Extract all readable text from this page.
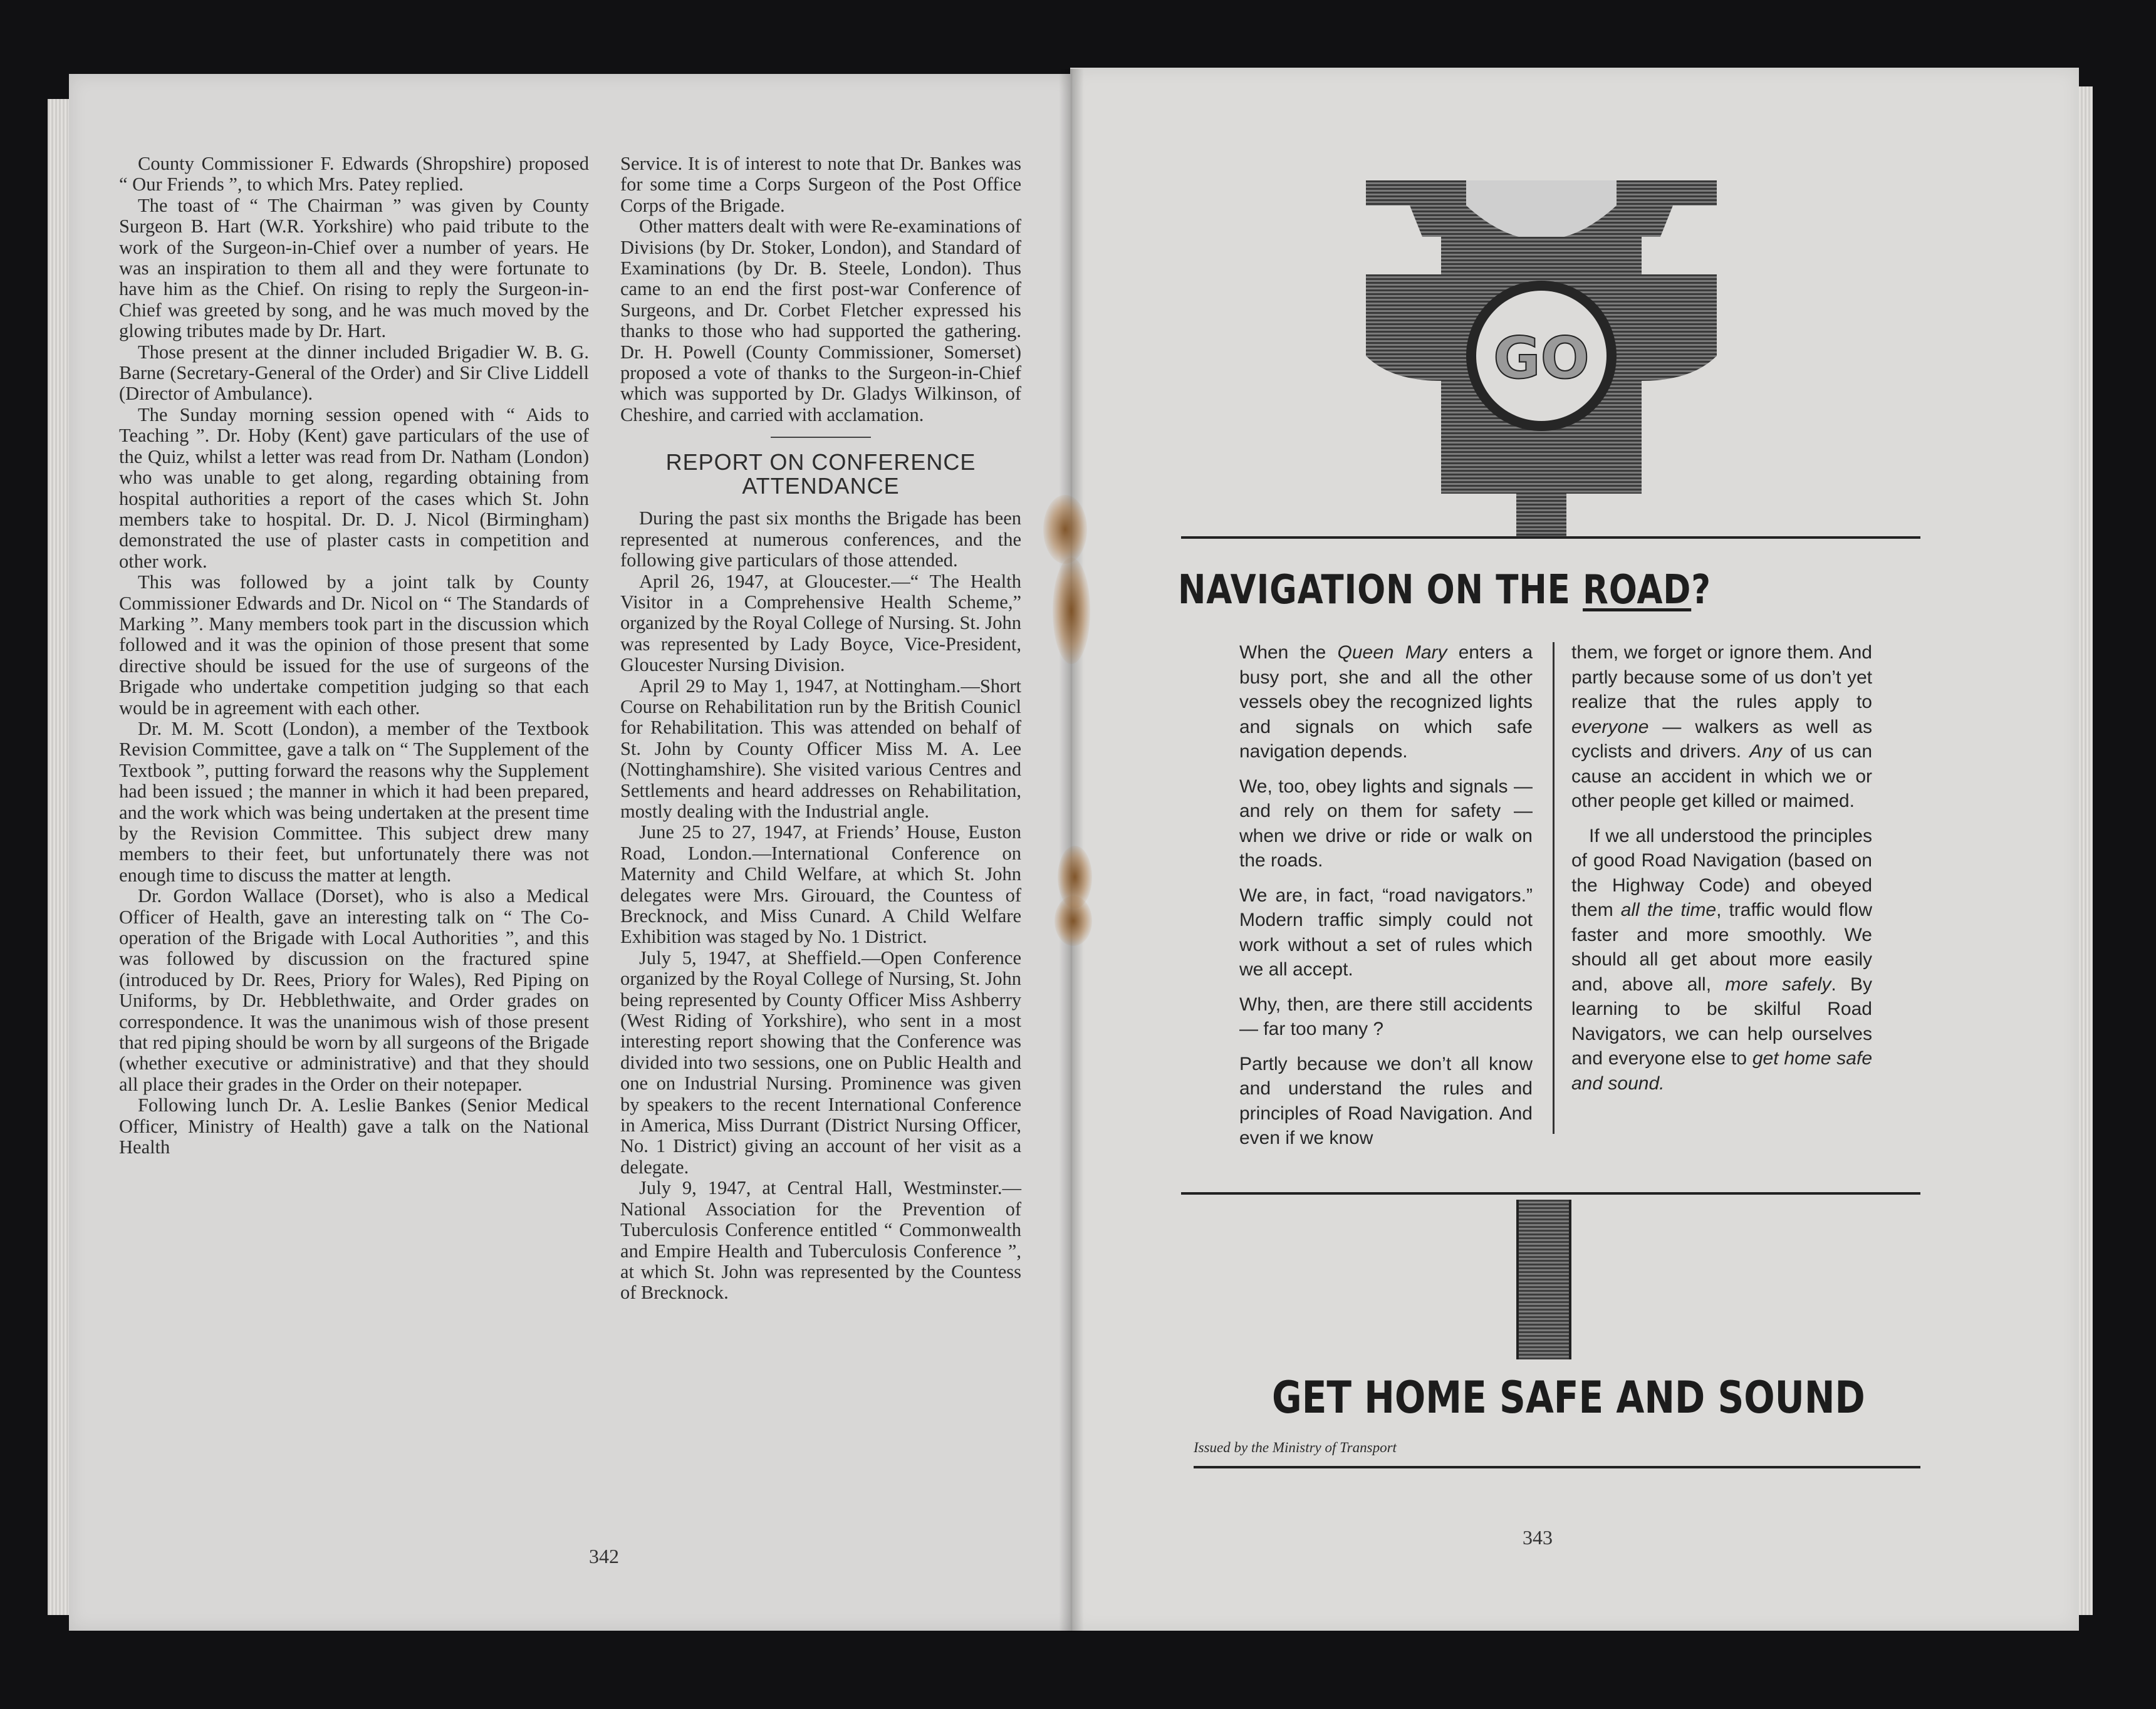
County Commissioner F. Edwards (Shropshire) proposed “ Our Friends ”, to which Mrs. Patey replied.

The toast of “ The Chairman ” was given by County Surgeon B. Hart (W.R. Yorkshire) who paid tribute to the work of the Surgeon-in-Chief over a number of years. He was an inspiration to them all and they were fortunate to have him as the Chief. On rising to reply the Surgeon-in-Chief was greeted by song, and he was much moved by the glowing tributes made by Dr. Hart.

Those present at the dinner included Brigadier W. B. G. Barne (Secretary-General of the Order) and Sir Clive Liddell (Director of Ambulance).

The Sunday morning session opened with “ Aids to Teaching ”. Dr. Hoby (Kent) gave particulars of the use of the Quiz, whilst a letter was read from Dr. Natham (London) who was unable to get along, regarding obtaining from hospital authorities a report of the cases which St. John members take to hospital. Dr. D. J. Nicol (Birmingham) demonstrated the use of plaster casts in competition and other work.

This was followed by a joint talk by County Commissioner Edwards and Dr. Nicol on “ The Standards of Marking ”. Many members took part in the discussion which followed and it was the opinion of those present that some directive should be issued for the use of surgeons of the Brigade who undertake competition judging so that each would be in agreement with each other.

Dr. M. M. Scott (London), a member of the Textbook Revision Committee, gave a talk on “ The Supplement of the Textbook ”, putting forward the reasons why the Supplement had been issued ; the manner in which it had been prepared, and the work which was being undertaken at the present time by the Revision Committee. This subject drew many members to their feet, but unfortunately there was not enough time to discuss the matter at length.

Dr. Gordon Wallace (Dorset), who is also a Medical Officer of Health, gave an interesting talk on “ The Co-operation of the Brigade with Local Authorities ”, and this was followed by discussion on the fractured spine (introduced by Dr. Rees, Priory for Wales), Red Piping on Uniforms, by Dr. Hebblethwaite, and Order grades on correspondence. It was the unanimous wish of those present that red piping should be worn by all surgeons of the Brigade (whether executive or administrative) and that they should all place their grades in the Order on their notepaper.

Following lunch Dr. A. Leslie Bankes (Senior Medical Officer, Ministry of Health) gave a talk on the National Health

Service. It is of interest to note that Dr. Bankes was for some time a Corps Surgeon of the Post Office Corps of the Brigade.

Other matters dealt with were Re-examinations of Divisions (by Dr. Stoker, London), and Standard of Examinations (by Dr. B. Steele, London). Thus came to an end the first post-war Conference of Surgeons, and Dr. Corbet Fletcher expressed his thanks to those who had supported the gathering. Dr. H. Powell (County Commissioner, Somerset) proposed a vote of thanks to the Surgeon-in-Chief which was supported by Dr. Gladys Wilkinson, of Cheshire, and carried with acclamation.

REPORT ON CONFERENCE ATTENDANCE

During the past six months the Brigade has been represented at numerous conferences, and the following give particulars of those attended.

April 26, 1947, at Gloucester.—“ The Health Visitor in a Comprehensive Health Scheme,” organized by the Royal College of Nursing. St. John was represented by Lady Boyce, Vice-President, Gloucester Nursing Division.

April 29 to May 1, 1947, at Nottingham.—Short Course on Rehabilitation run by the British Counicl for Rehabilitation. This was attended on behalf of St. John by County Officer Miss M. A. Lee (Nottinghamshire). She visited various Centres and Settlements and heard addresses on Rehabilitation, mostly dealing with the Industrial angle.

June 25 to 27, 1947, at Friends’ House, Euston Road, London.—International Conference on Maternity and Child Welfare, at which St. John delegates were Mrs. Girouard, the Countess of Brecknock, and Miss Cunard. A Child Welfare Exhibition was staged by No. 1 District.

July 5, 1947, at Sheffield.—Open Conference organized by the Royal College of Nursing, St. John being represented by County Officer Miss Ashberry (West Riding of Yorkshire), who sent in a most interesting report showing that the Conference was divided into two sessions, one on Public Health and one on Industrial Nursing. Prominence was given by speakers to the recent International Conference in America, Miss Durrant (District Nursing Officer, No. 1 District) giving an account of her visit as a delegate.

July 9, 1947, at Central Hall, Westminster.—National Association for the Prevention of Tuberculosis Conference entitled “ Commonwealth and Empire Health and Tuberculosis Conference ”, at which St. John was represented by the Countess of Brecknock.

342
GO
NAVIGATION ON THE ROAD?

When the Queen Mary enters a busy port, she and all the other vessels obey the recognized lights and signals on which safe navigation depends.

We, too, obey lights and signals — and rely on them for safety — when we drive or ride or walk on the roads.

We are, in fact, “road navigators.” Modern traffic simply could not work without a set of rules which we all accept.

Why, then, are there still accidents — far too many ?

Partly because we don’t all know and understand the rules and principles of Road Navigation. And even if we know

them, we forget or ignore them. And partly because some of us don’t yet realize that the rules apply to everyone — walkers as well as cyclists and drivers. Any of us can cause an accident in which we or other people get killed or maimed.

If we all understood the principles of good Road Navigation (based on the Highway Code) and obeyed them all the time, traffic would flow faster and more smoothly. We should all get about more easily and, above all, more safely. By learning to be skilful Road Navigators, we can help ourselves and everyone else to get home safe and sound.

GET HOME SAFE AND SOUND
Issued by the Ministry of Transport
343
